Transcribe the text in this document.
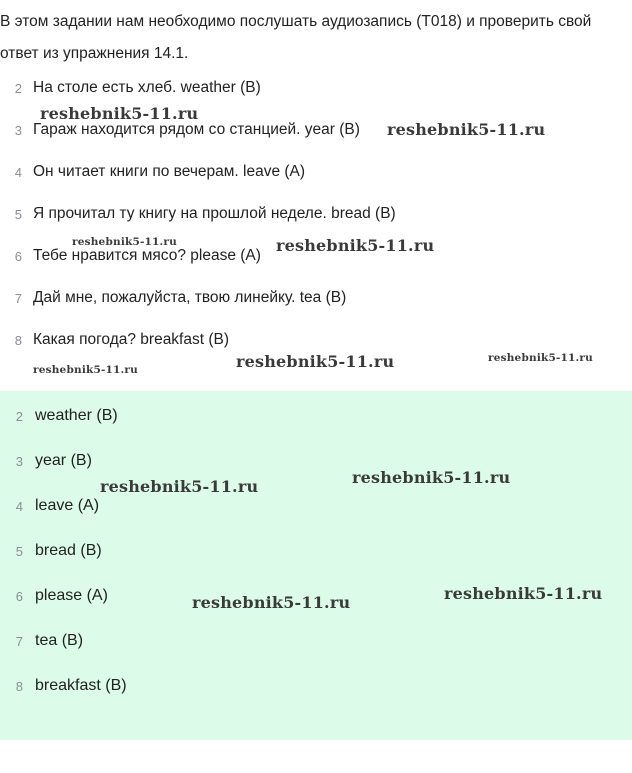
В этом задании нам необходимо послушать аудиозапись (T018) и проверить свой ответ из упражнения 14.1.
2 На столе есть хлеб. weather (B)
3 Гараж находится рядом со станцией. year (B)
4 Он читает книги по вечерам. leave (A)
5 Я прочитал ту книгу на прошлой неделе. bread (B)
6 Тебе нравится мясо? please (A)
7 Дай мне, пожалуйста, твою линейку. tea (B)
8 Какая погода? breakfast (B)
2 weather (B)
3 year (B)
4 leave (A)
5 bread (B)
6 please (A)
7 tea (B)
8 breakfast (B)
reshebnik5-11.ru
reshebnik5-11.ru
reshebnik5-11.ru	reshebnik5-11.ru
reshebnik5-11.ru	reshebnik5-11.ru
reshebnik5-11.ru
reshebnik5-11.ru
reshebnik5-11.ru
reshebnik5-11.ru
reshebnik5-11.ru
